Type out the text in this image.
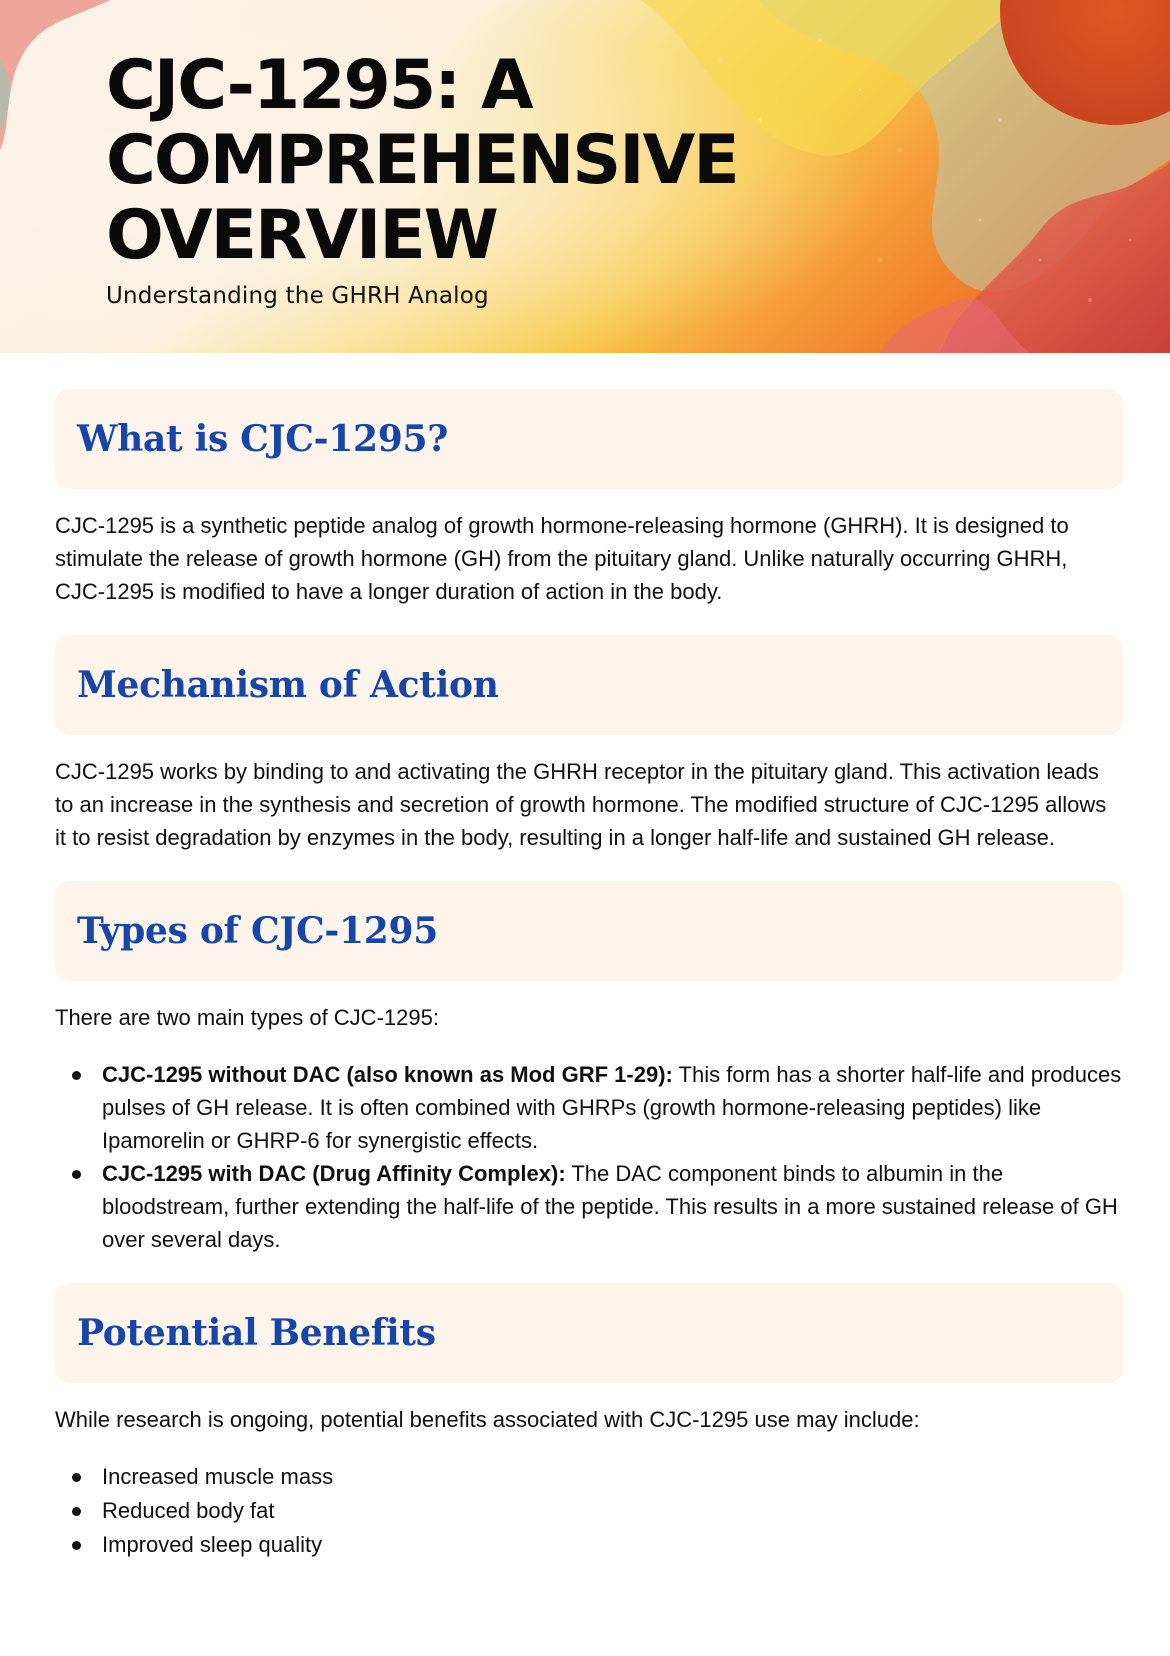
CJC-1295: A COMPREHENSIVE OVERVIEW

Understanding the GHRH Analog

What is CJC-1295?

CJC-1295 is a synthetic peptide analog of growth hormone-releasing hormone (GHRH). It is designed to stimulate the release of growth hormone (GH) from the pituitary gland. Unlike naturally occurring GHRH, CJC-1295 is modified to have a longer duration of action in the body.

Mechanism of Action

CJC-1295 works by binding to and activating the GHRH receptor in the pituitary gland. This activation leads to an increase in the synthesis and secretion of growth hormone. The modified structure of CJC-1295 allows it to resist degradation by enzymes in the body, resulting in a longer half-life and sustained GH release.

Types of CJC-1295

There are two main types of CJC-1295:

CJC-1295 without DAC (also known as Mod GRF 1-29): This form has a shorter half-life and produces pulses of GH release. It is often combined with GHRPs (growth hormone-releasing peptides) like Ipamorelin or GHRP-6 for synergistic effects.
CJC-1295 with DAC (Drug Affinity Complex): The DAC component binds to albumin in the bloodstream, further extending the half-life of the peptide. This results in a more sustained release of GH over several days.
Potential Benefits

While research is ongoing, potential benefits associated with CJC-1295 use may include:

Increased muscle mass
Reduced body fat
Improved sleep quality
